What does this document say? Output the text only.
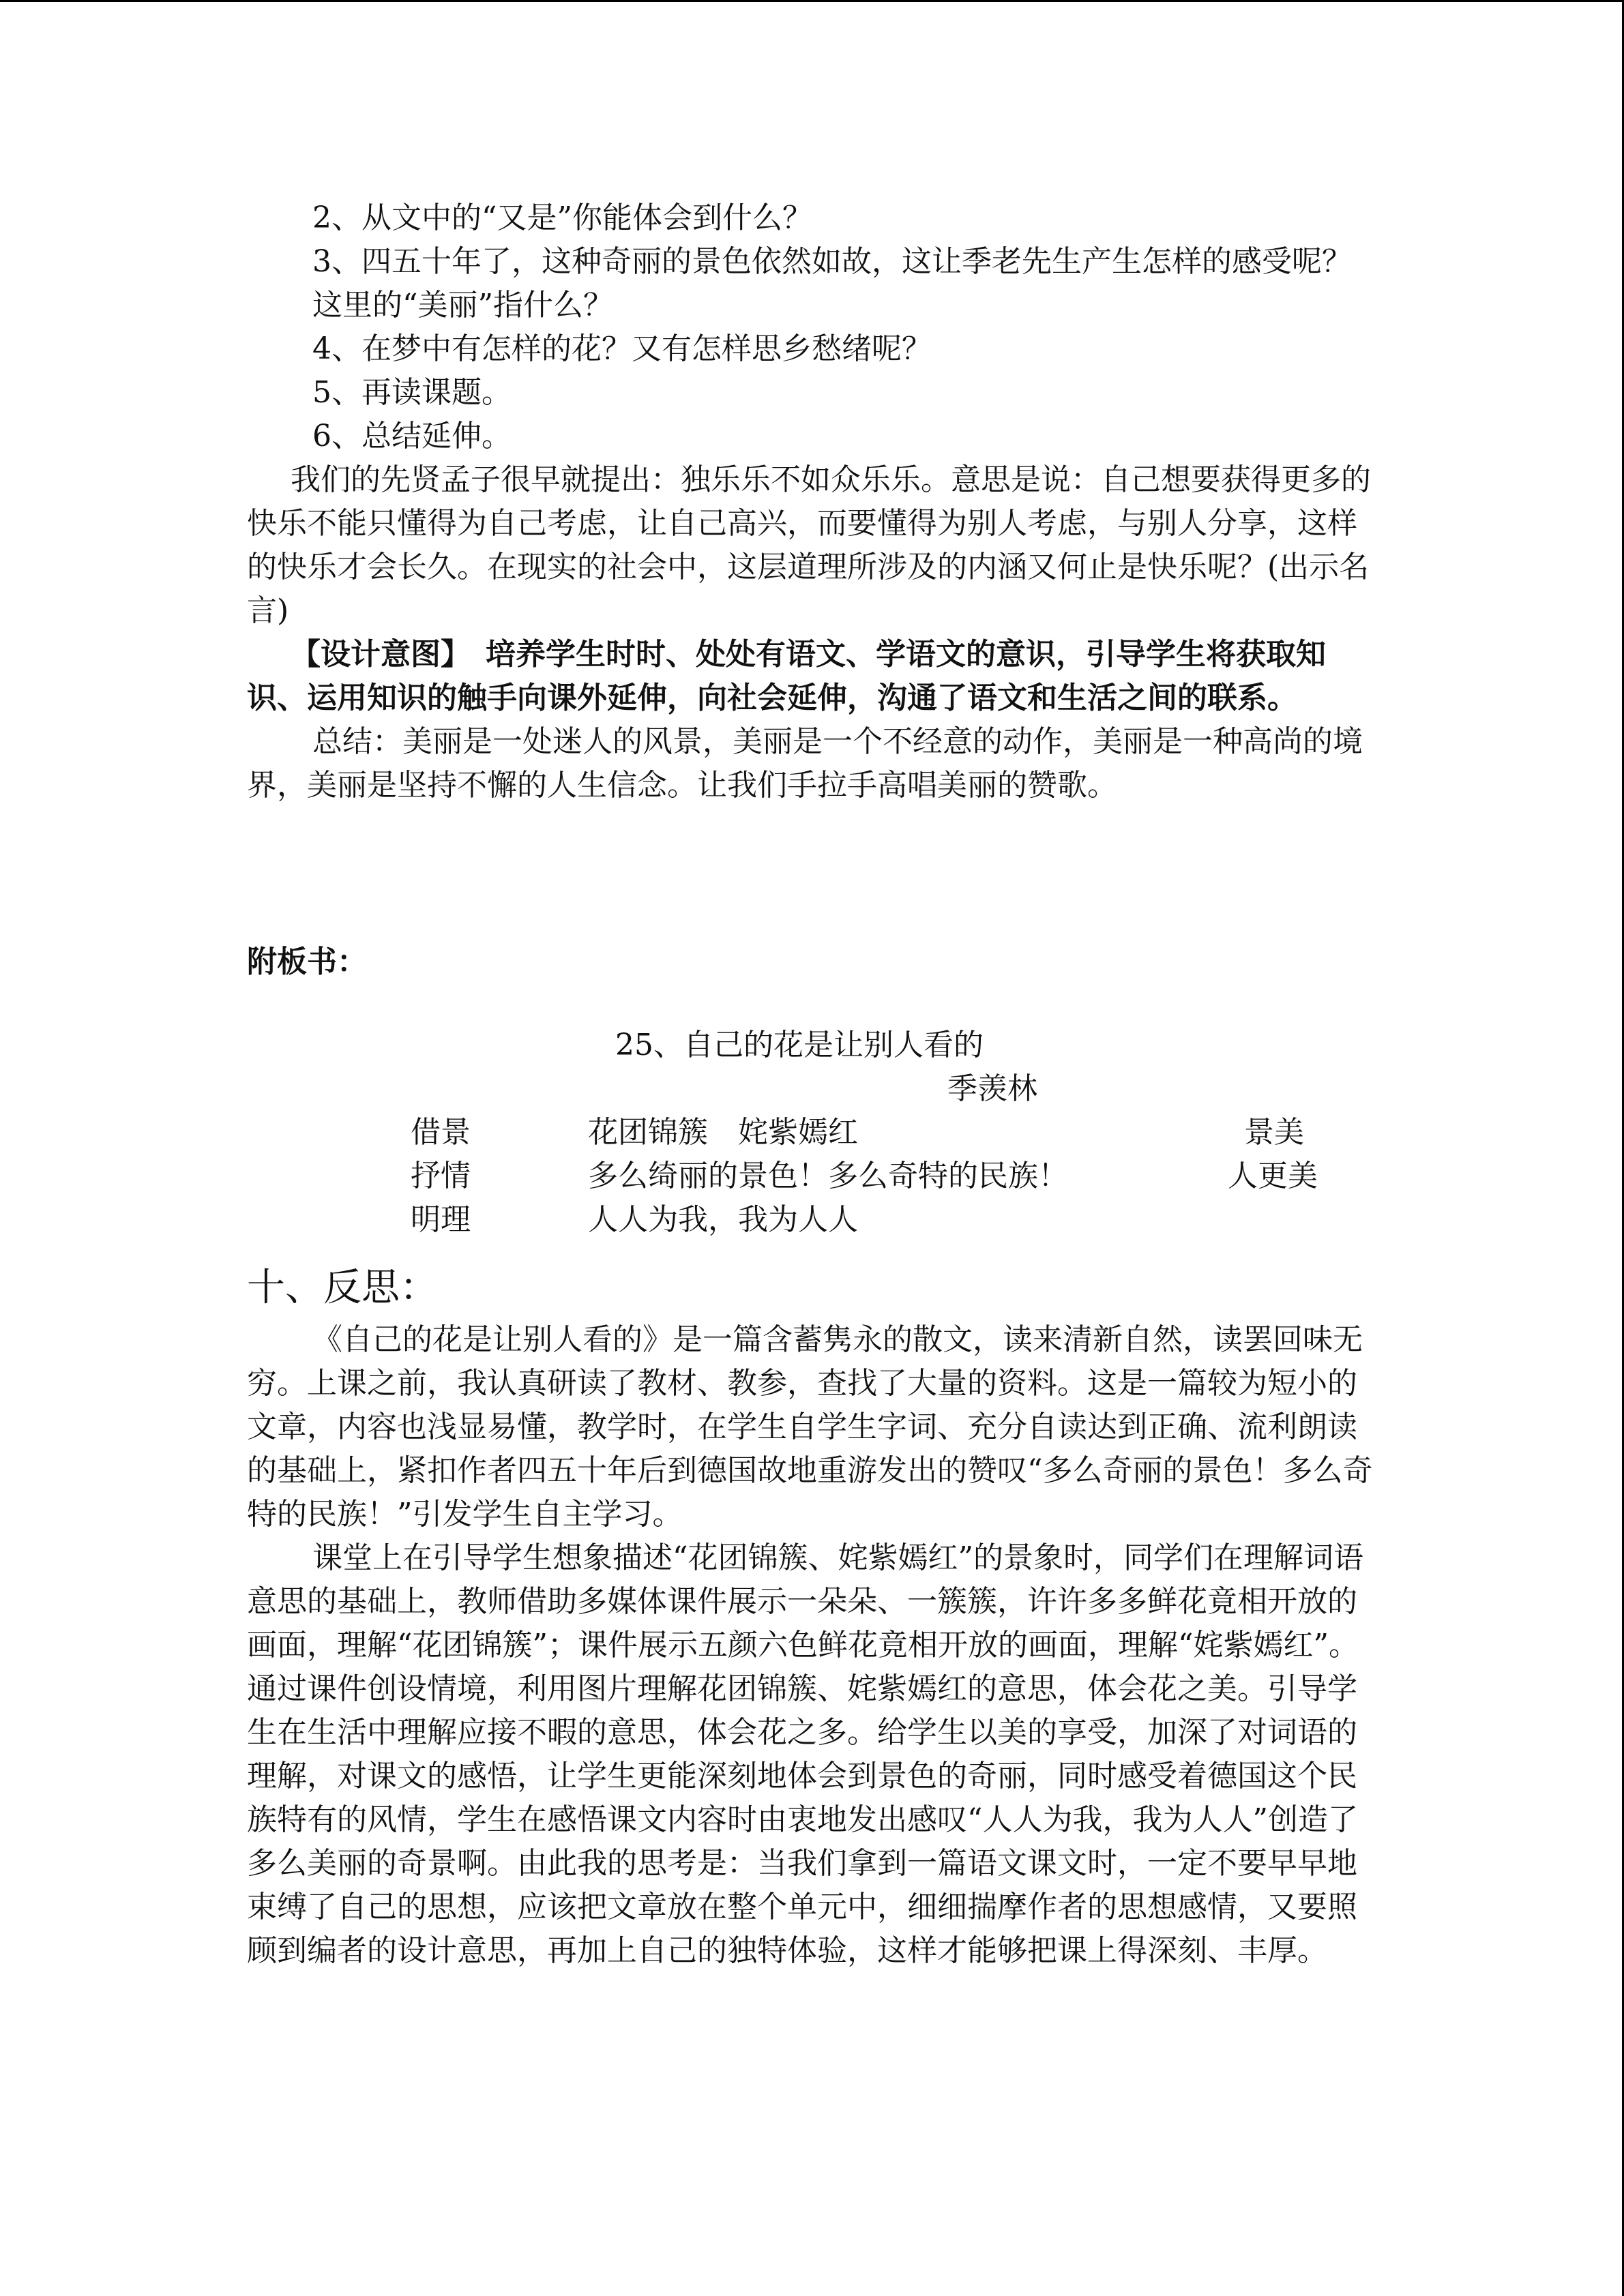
2、从文中的“又是”你能体会到什么？

3、四五十年了，这种奇丽的景色依然如故，这让季老先生产生怎样的感受呢？

这里的“美丽”指什么？

4、在梦中有怎样的花？又有怎样思乡愁绪呢？

5、再读课题。

6、总结延伸。

我们的先贤孟子很早就提出：独乐乐不如众乐乐。意思是说：自己想要获得更多的快乐不能只懂得为自己考虑，让自己高兴，而要懂得为别人考虑，与别人分享，这样的快乐才会长久。在现实的社会中，这层道理所涉及的内涵又何止是快乐呢？(出示名言)

【设计意图】　培养学生时时、处处有语文、学语文的意识，引导学生将获取知识、运用知识的触手向课外延伸，向社会延伸，沟通了语文和生活之间的联系。

总结：美丽是一处迷人的风景，美丽是一个不经意的动作，美丽是一种高尚的境界，美丽是坚持不懈的人生信念。让我们手拉手高唱美丽的赞歌。

附板书：

25、自己的花是让别人看的
季羡林
借景	花团锦簇　姹紫嫣红	景美
抒情	多么绮丽的景色！多么奇特的民族！	人更美
明理	人人为我，我为人人

十、反思：

《自己的花是让别人看的》是一篇含蓄隽永的散文，读来清新自然，读罢回味无穷。上课之前，我认真研读了教材、教参，查找了大量的资料。这是一篇较为短小的文章，内容也浅显易懂，教学时，在学生自学生字词、充分自读达到正确、流利朗读的基础上，紧扣作者四五十年后到德国故地重游发出的赞叹“多么奇丽的景色！多么奇特的民族！”引发学生自主学习。

课堂上在引导学生想象描述“花团锦簇、姹紫嫣红”的景象时，同学们在理解词语意思的基础上，教师借助多媒体课件展示一朵朵、一簇簇，许许多多鲜花竟相开放的画面，理解“花团锦簇”；课件展示五颜六色鲜花竟相开放的画面，理解“姹紫嫣红”。通过课件创设情境，利用图片理解花团锦簇、姹紫嫣红的意思，体会花之美。引导学生在生活中理解应接不暇的意思，体会花之多。给学生以美的享受，加深了对词语的理解，对课文的感悟，让学生更能深刻地体会到景色的奇丽，同时感受着德国这个民族特有的风情，学生在感悟课文内容时由衷地发出感叹“人人为我，我为人人”创造了多么美丽的奇景啊。由此我的思考是：当我们拿到一篇语文课文时，一定不要早早地束缚了自己的思想，应该把文章放在整个单元中，细细揣摩作者的思想感情，又要照顾到编者的设计意思，再加上自己的独特体验，这样才能够把课上得深刻、丰厚。
